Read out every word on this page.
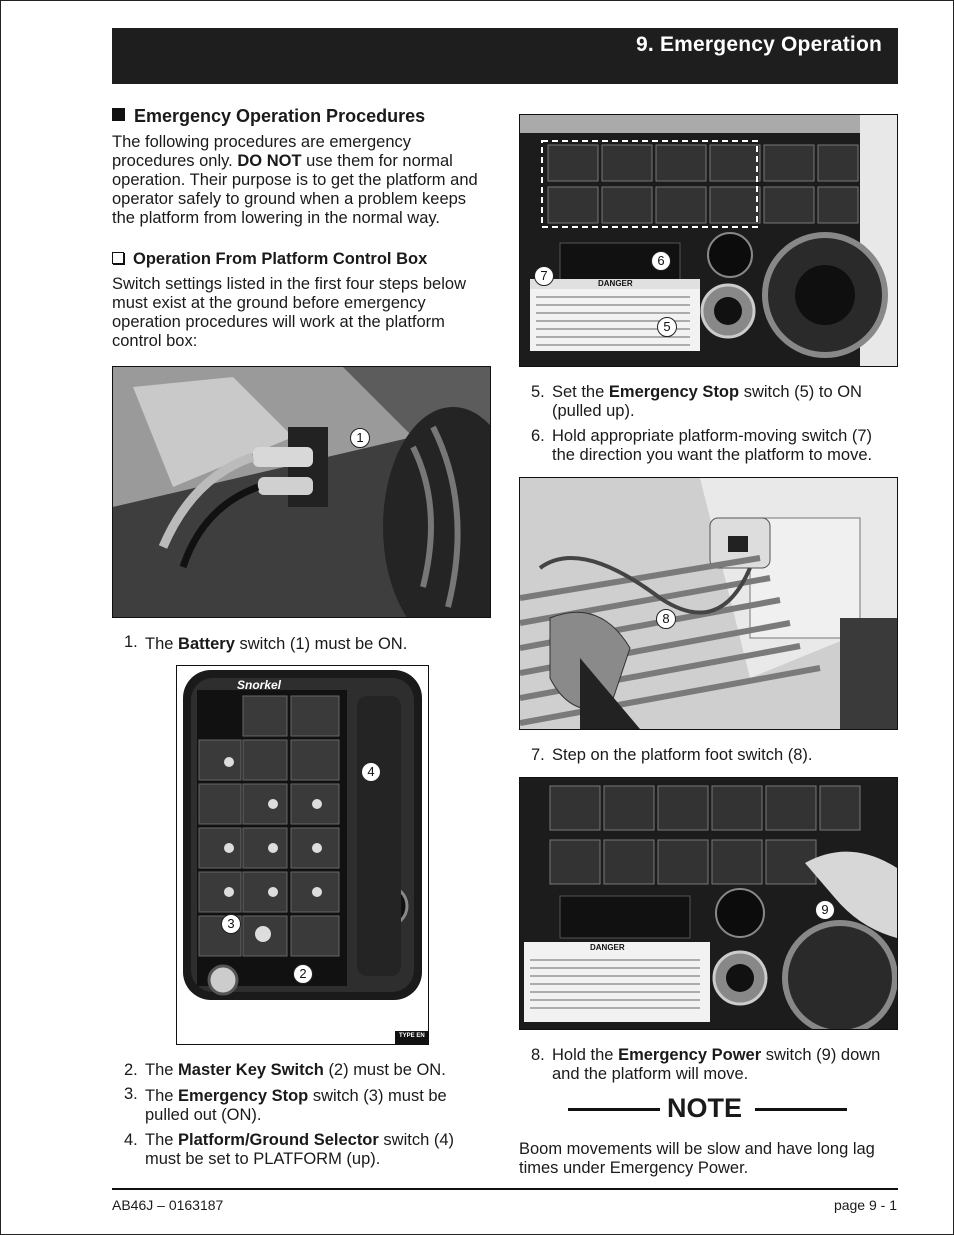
9. Emergency Operation
Emergency Operation Procedures
The following procedures are emergency
procedures only. DO NOT use them for normal
operation. Their purpose is to get the platform and
operator safely to ground when a problem keeps
the platform from lowering in the normal way.
Operation From Platform Control Box
Switch settings listed in the first four steps below
must exist at the ground before emergency
operation procedures will work at the platform
control box:
1
Snorkel
4
3
2
TYPE EN
1. The Battery switch (1) must be ON.
2. The Master Key Switch (2) must be ON.
3. The Emergency Stop switch (3) must be
pulled out (ON).
4. The Platform/Ground Selector switch (4)
must be set to PLATFORM (up).
DANGER
7
6
5
5. Set the Emergency Stop switch (5) to ON
(pulled up).
6. Hold appropriate platform-moving switch (7)
the direction you want the platform to move.
8
7. Step on the platform foot switch (8).
DANGER
9
8. Hold the Emergency Power switch (9) down
and the platform will move.
NOTE
Boom movements will be slow and have long lag
times under Emergency Power.
AB46J – 0163187	page 9 - 1
